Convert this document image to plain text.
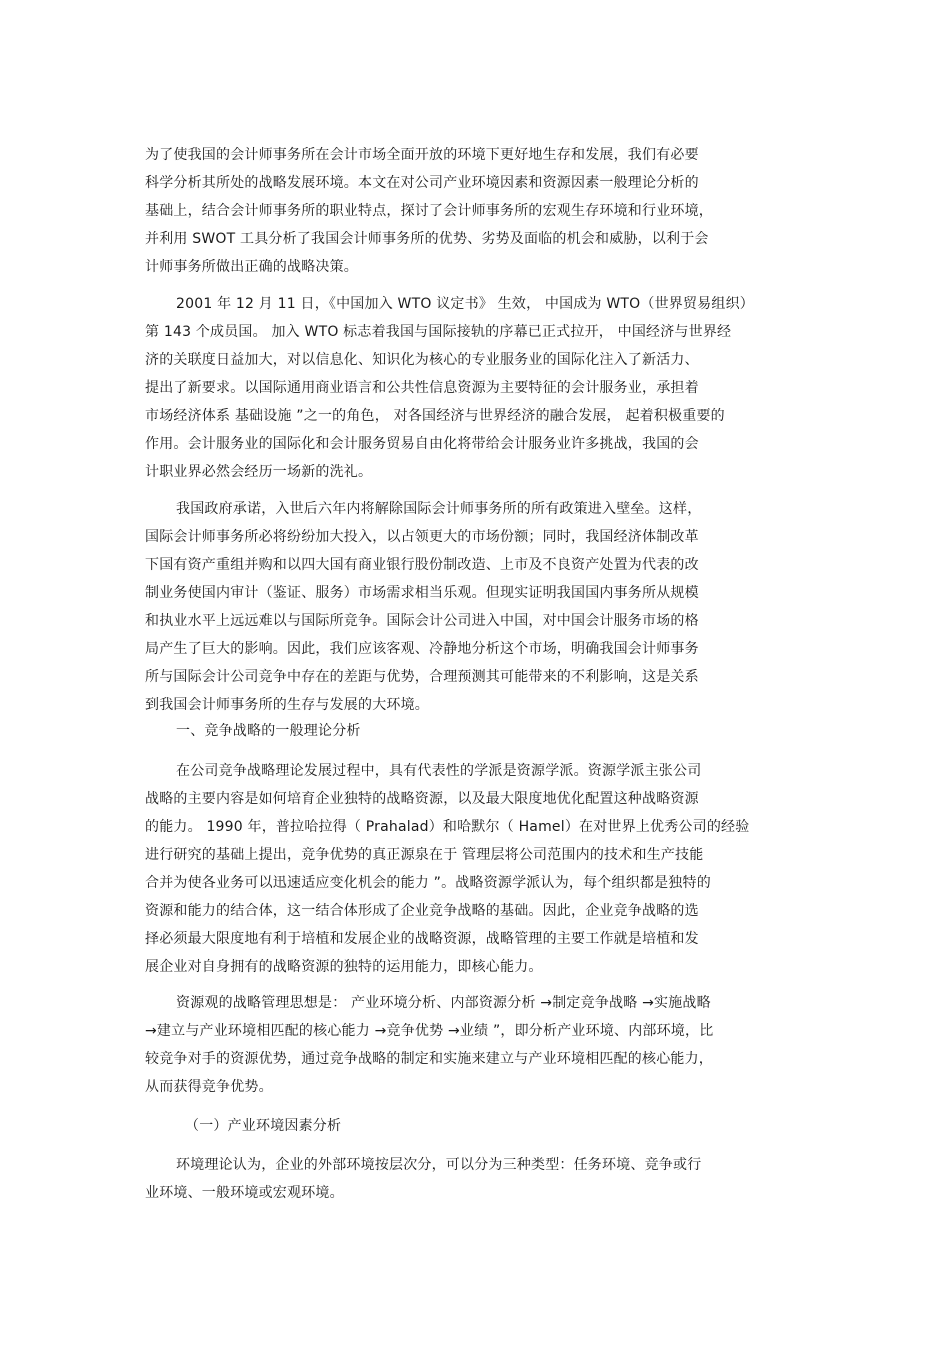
为了使我国的会计师事务所在会计市场全面开放的环境下更好地生存和发展，我们有必要

科学分析其所处的战略发展环境。本文在对公司产业环境因素和资源因素一般理论分析的

基础上，结合会计师事务所的职业特点，探讨了会计师事务所的宏观生存环境和行业环境，

并利用 SWOT 工具分析了我国会计师事务所的优势、劣势及面临的机会和威胁，以利于会

计师事务所做出正确的战略决策。

2001 年 12 月 11 日，《中国加入 WTO 议定书》 生效， 中国成为 WTO（世界贸易组织）

第 143 个成员国。 加入 WTO 标志着我国与国际接轨的序幕已正式拉开， 中国经济与世界经

济的关联度日益加大，对以信息化、知识化为核心的专业服务业的国际化注入了新活力、

提出了新要求。以国际通用商业语言和公共性信息资源为主要特征的会计服务业，承担着

市场经济体系 基础设施 ”之一的角色， 对各国经济与世界经济的融合发展， 起着积极重要的

作用。会计服务业的国际化和会计服务贸易自由化将带给会计服务业许多挑战，我国的会

计职业界必然会经历一场新的洗礼。

我国政府承诺，入世后六年内将解除国际会计师事务所的所有政策进入壁垒。这样，

国际会计师事务所必将纷纷加大投入，以占领更大的市场份额；同时，我国经济体制改革

下国有资产重组并购和以四大国有商业银行股份制改造、上市及不良资产处置为代表的改

制业务使国内审计（鉴证、服务）市场需求相当乐观。但现实证明我国国内事务所从规模

和执业水平上远远难以与国际所竞争。国际会计公司进入中国，对中国会计服务市场的格

局产生了巨大的影响。因此，我们应该客观、冷静地分析这个市场，明确我国会计师事务

所与国际会计公司竞争中存在的差距与优势，合理预测其可能带来的不利影响，这是关系

到我国会计师事务所的生存与发展的大环境。

一、竞争战略的一般理论分析

在公司竞争战略理论发展过程中，具有代表性的学派是资源学派。资源学派主张公司

战略的主要内容是如何培育企业独特的战略资源，以及最大限度地优化配置这种战略资源

的能力。 1990 年，普拉哈拉得（ Prahalad）和哈默尔（ Hamel）在对世界上优秀公司的经验

进行研究的基础上提出，竞争优势的真正源泉在于 管理层将公司范围内的技术和生产技能

合并为使各业务可以迅速适应变化机会的能力 ”。战略资源学派认为，每个组织都是独特的

资源和能力的结合体，这一结合体形成了企业竞争战略的基础。因此，企业竞争战略的选

择必须最大限度地有利于培植和发展企业的战略资源，战略管理的主要工作就是培植和发

展企业对自身拥有的战略资源的独特的运用能力，即核心能力。

资源观的战略管理思想是： 产业环境分析、内部资源分析 →制定竞争战略 →实施战略

→建立与产业环境相匹配的核心能力 →竞争优势 →业绩 ”，即分析产业环境、内部环境，比

较竞争对手的资源优势，通过竞争战略的制定和实施来建立与产业环境相匹配的核心能力，

从而获得竞争优势。

（一）产业环境因素分析

环境理论认为，企业的外部环境按层次分，可以分为三种类型：任务环境、竞争或行

业环境、一般环境或宏观环境。
